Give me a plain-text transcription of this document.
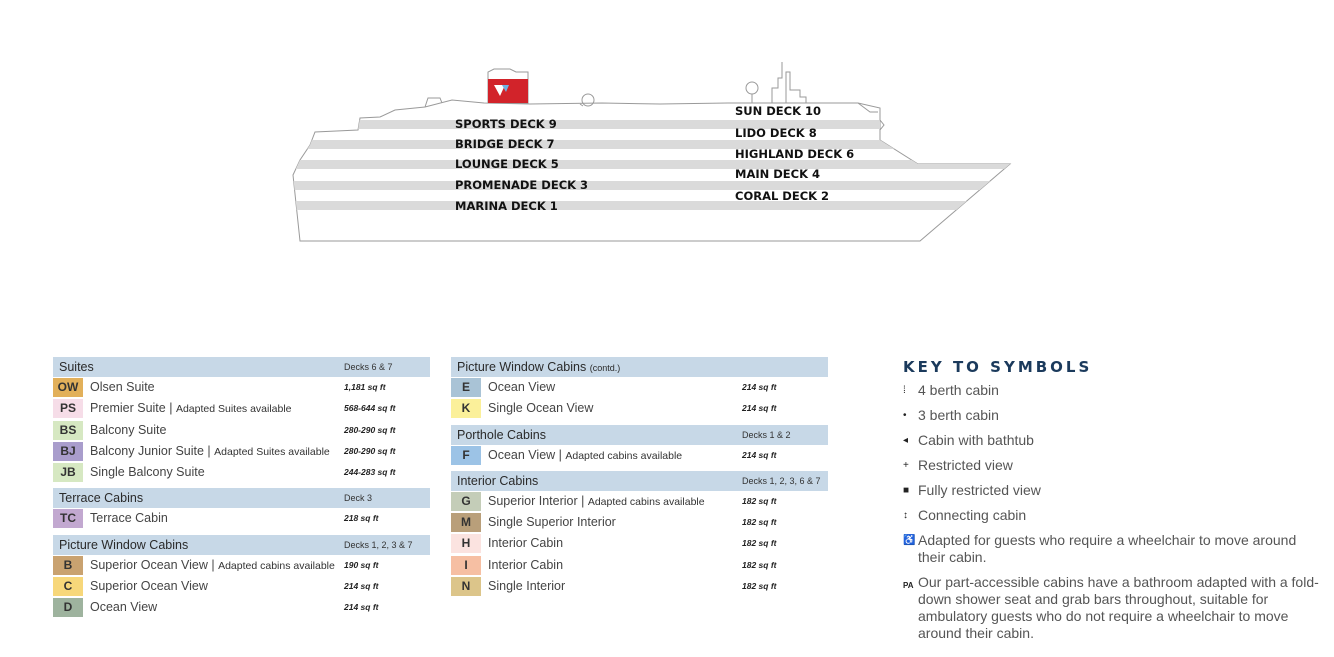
SPORTS DECK 9
BRIDGE DECK 7
LOUNGE DECK 5
PROMENADE DECK 3
MARINA DECK 1
SUN DECK 10
LIDO DECK 8
HIGHLAND DECK 6
MAIN DECK 4
CORAL DECK 2
Suites	Decks 6 & 7
OW Olsen Suite	1,181 sq ft
PS	Premier Suite | Adapted Suites available	568-644 sq ft
BS	Balcony Suite	280-290 sq ft
BJ	Balcony Junior Suite | Adapted Suites available 280-290 sq ft
JB	Single Balcony Suite	244-283 sq ft
Terrace Cabins	Deck 3
TC	Terrace Cabin	218 sq ft
Picture Window Cabins	Decks 1, 2, 3 & 7
B	Superior Ocean View | Adapted cabins available 190 sq ft
C	Superior Ocean View	214 sq ft
D	Ocean View	214 sq ft
Picture Window Cabins (contd.)
E	Ocean View	214 sq ft
K	Single Ocean View	214 sq ft
Porthole Cabins	Decks 1 & 2
F	Ocean View | Adapted cabins available	214 sq ft
Interior Cabins	Decks 1, 2, 3, 6 & 7
G	Superior Interior | Adapted cabins available	182 sq ft
M	Single Superior Interior	182 sq ft
H	Interior Cabin	182 sq ft
I	Interior Cabin	182 sq ft
N	Single Interior	182 sq ft
KEY TO SYMBOLS
⁞ 4 berth cabin
• 3 berth cabin
◂ Cabin with bathtub
+ Restricted view
■ Fully restricted view
↕ Connecting cabin
♿ Adapted for guests who require a wheelchair to move around their cabin.
PA Our part-accessible cabins have a bathroom adapted with a fold-down shower seat and grab bars throughout, suitable for ambulatory guests who do not require a wheelchair to move around their cabin.
